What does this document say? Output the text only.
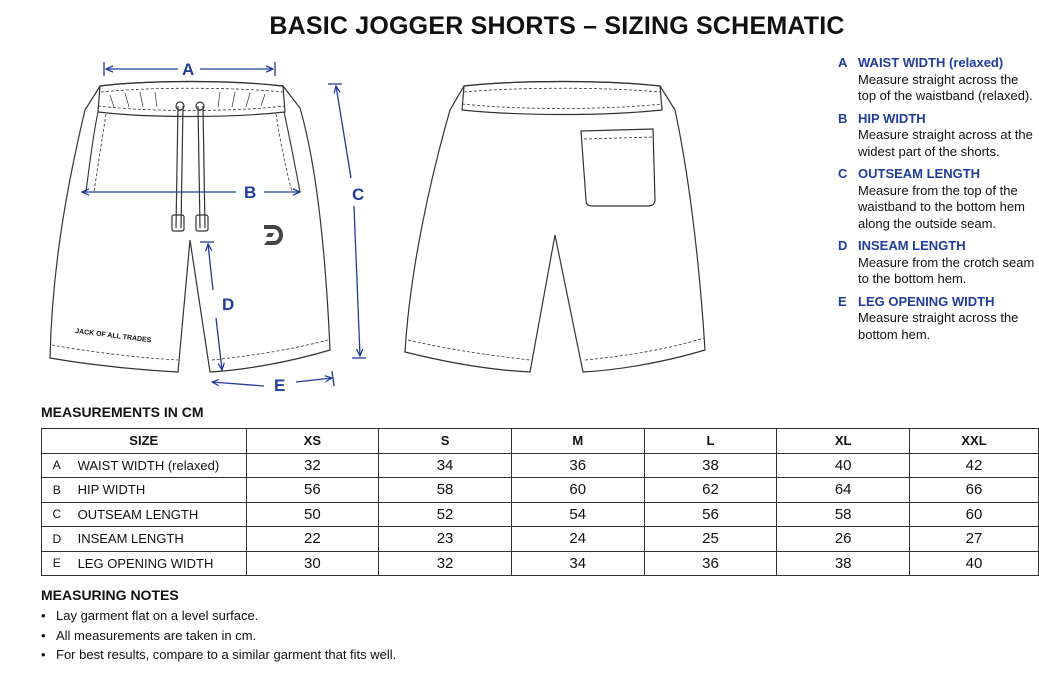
BASIC JOGGER SHORTS – SIZING SCHEMATIC
JACK OF ALL TRADES
A
B	C
D
E
A WAIST WIDTH (relaxed)
Measure straight across the top of the waistband (relaxed).
B HIP WIDTH
Measure straight across at the widest part of the shorts.
C OUTSEAM LENGTH
Measure from the top of the waistband to the bottom hem along the outside seam.
D INSEAM LENGTH
Measure from the crotch seam to the bottom hem.
E LEG OPENING WIDTH
Measure straight across the bottom hem.
MEASUREMENTS IN CM
SIZE		XS	S	M	L	XL	XXL
A	WAIST WIDTH (relaxed)	32	34	36	38	40	42
B	HIP WIDTH	56	58	60	62	64	66
C	OUTSEAM LENGTH	50	52	54	56	58	60
D	INSEAM LENGTH	22	23	24	25	26	27
E	LEG OPENING WIDTH	30	32	34	36	38	40
MEASURING NOTES
• Lay garment flat on a level surface.
• All measurements are taken in cm.
• For best results, compare to a similar garment that fits well.
